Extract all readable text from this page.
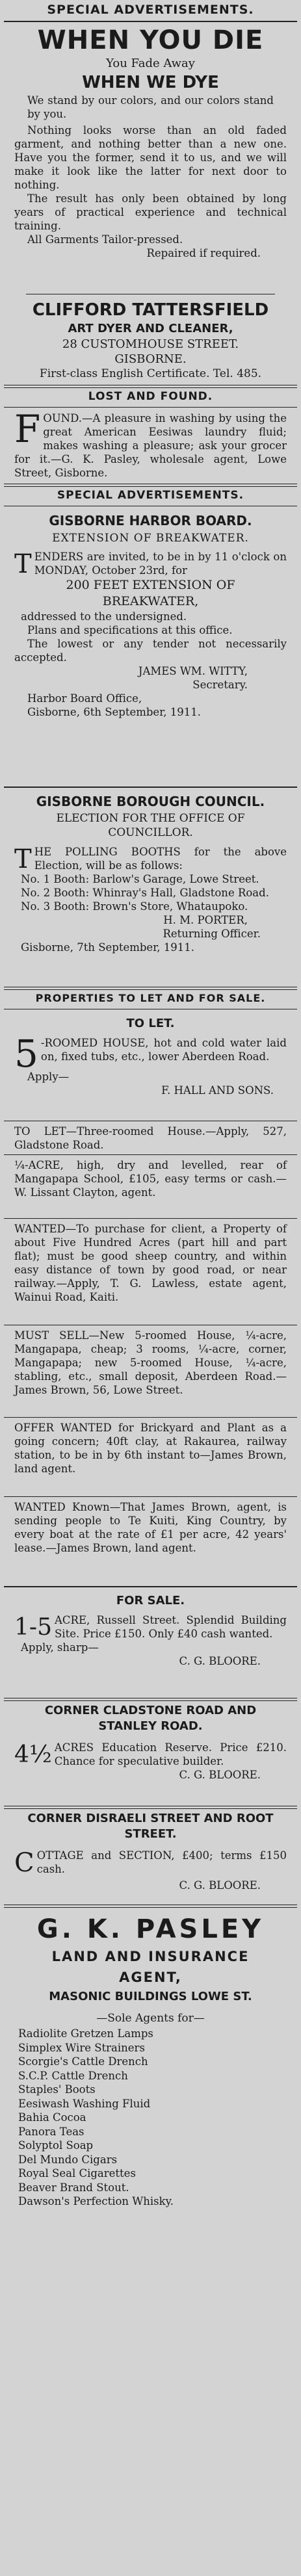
SPECIAL ADVERTISEMENTS.
WHEN YOU DIE
You Fade Away
WHEN WE DYE
We stand by our colors, and our colors stand by you.
Nothing looks worse than an old faded garment, and nothing better than a new one. Have you the former, send it to us, and we will make it look like the latter for next door to nothing.
The result has only been obtained by long years of practical experience and technical training.
All Garments Tailor-pressed.
Repaired if required.
CLIFFORD TATTERSFIELD
ART DYER AND CLEANER,
28 CUSTOMHOUSE STREET.
GISBORNE.
First-class English Certificate. Tel. 485.
LOST AND FOUND.
F OUND.—A pleasure in washing by using the great American Eesiwas laundry fluid; makes washing a pleasure; ask your grocer for it.—G. K. Pasley, wholesale agent, Lowe Street, Gisborne.
SPECIAL ADVERTISEMENTS.
GISBORNE HARBOR BOARD.
EXTENSION OF BREAKWATER.
T ENDERS are invited, to be in by 11 o'clock on MONDAY, October 23rd, for
200 FEET EXTENSION OF BREAKWATER,
addressed to the undersigned.
Plans and specifications at this office.
The lowest or any tender not necessarily accepted.
JAMES WM. WITTY,
Secretary.
Harbor Board Office,
Gisborne, 6th September, 1911.
GISBORNE BOROUGH COUNCIL.
ELECTION FOR THE OFFICE OF COUNCILLOR.
T HE POLLING BOOTHS for the above Election, will be as follows:
No. 1 Booth: Barlow's Garage, Lowe Street.
No. 2 Booth: Whinray's Hall, Gladstone Road.
No. 3 Booth: Brown's Store, Whataupoko.
H. M. PORTER,
Returning Officer.
Gisborne, 7th September, 1911.
PROPERTIES TO LET AND FOR SALE.
TO LET.
5 -ROOMED HOUSE, hot and cold water laid on, fixed tubs, etc., lower Aberdeen Road.
Apply—
F. HALL AND SONS.
TO LET—Three-roomed House.—Apply, 527, Gladstone Road.
¼-ACRE, high, dry and levelled, rear of Mangapapa School, £105, easy terms or cash.—W. Lissant Clayton, agent.
WANTED—To purchase for client, a Property of about Five Hundred Acres (part hill and part flat); must be good sheep country, and within easy distance of town by good road, or near railway.—Apply, T. G. Lawless, estate agent, Wainui Road, Kaiti.
MUST SELL—New 5-roomed House, ¼-acre, Mangapapa, cheap; 3 rooms, ¼-acre, corner, Mangapapa; new 5-roomed House, ¼-acre, stabling, etc., small deposit, Aberdeen Road.—James Brown, 56, Lowe Street.
OFFER WANTED for Brickyard and Plant as a going concern; 40ft clay, at Rakaurea, railway station, to be in by 6th instant to—James Brown, land agent.
WANTED Known—That James Brown, agent, is sending people to Te Kuiti, King Country, by every boat at the rate of £1 per acre, 42 years' lease.—James Brown, land agent.
FOR SALE.
1-5 ACRE, Russell Street. Splendid Building Site. Price £150. Only £40 cash wanted.
Apply, sharp—
C. G. BLOORE.
CORNER CLADSTONE ROAD AND STANLEY ROAD.
4½ ACRES Education Reserve. Price £210. Chance for speculative builder.
C. G. BLOORE.
CORNER DISRAELI STREET AND ROOT STREET.
C OTTAGE and SECTION, £400; terms £150 cash.
C. G. BLOORE.
G. K. PASLEY
LAND AND INSURANCE
AGENT,
MASONIC BUILDINGS LOWE ST.
—Sole Agents for—

Radiolite Gretzen Lamps

Simplex Wire Strainers

Scorgie's Cattle Drench

S.C.P. Cattle Drench

Staples' Boots

Eesiwash Washing Fluid

Bahia Cocoa

Panora Teas

Solyptol Soap

Del Mundo Cigars

Royal Seal Cigarettes

Beaver Brand Stout.

Dawson's Perfection Whisky.
